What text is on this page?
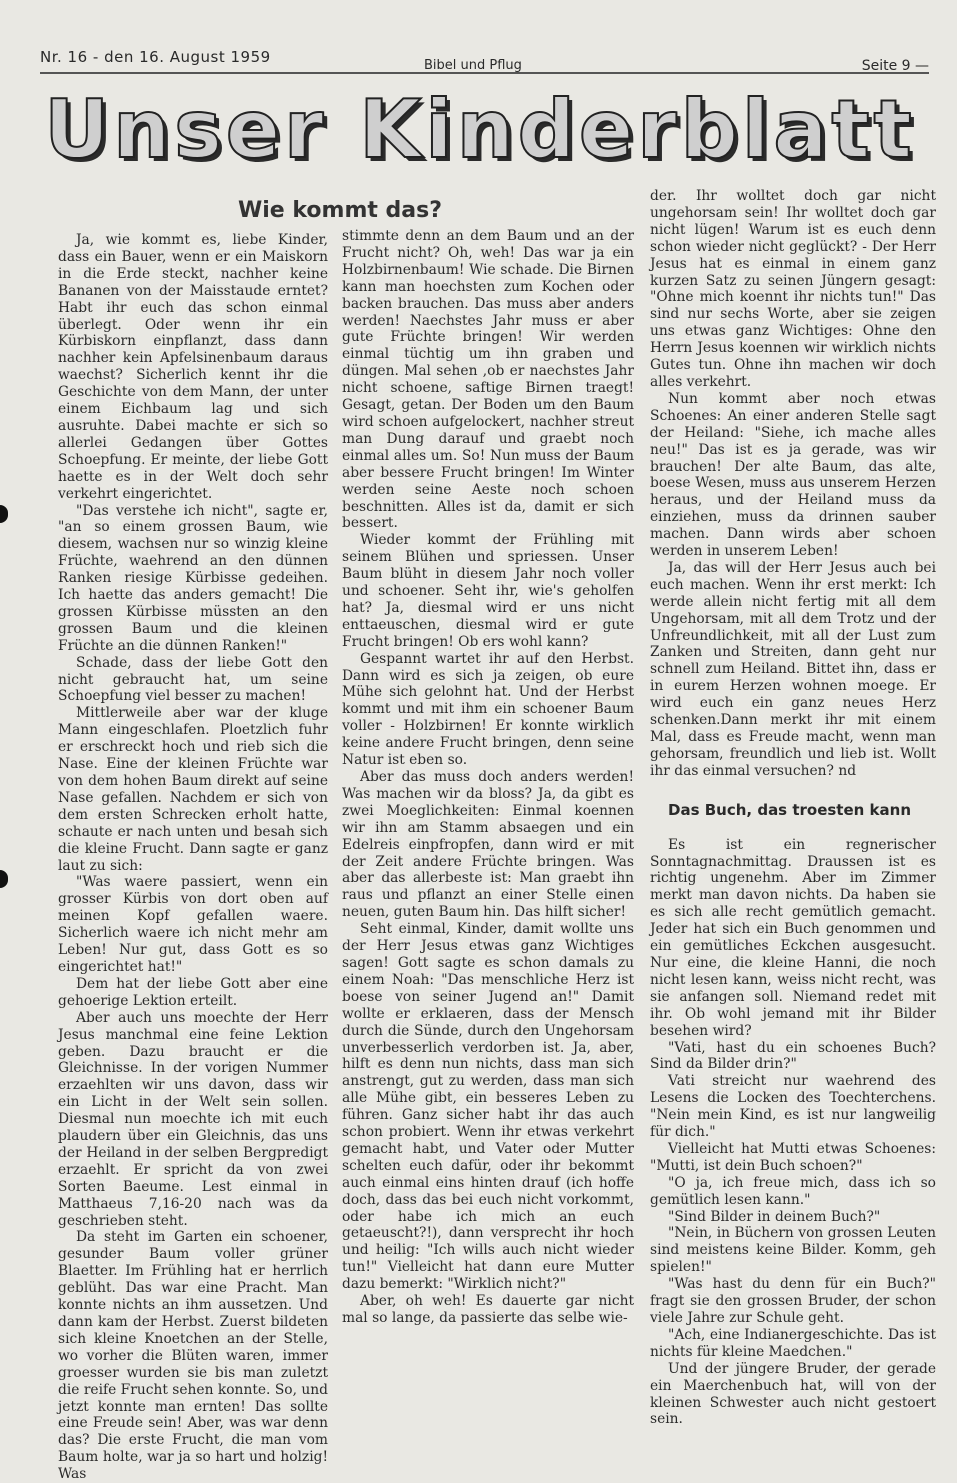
Nr. 16 - den 16. August 1959	Bibel und Pflug	Seite 9 —
Unser Kinderblatt
Wie kommt das?

Ja, wie kommt es, liebe Kinder, dass ein Bauer, wenn er ein Maiskorn in die Erde steckt, nachher keine Bananen von der Maisstaude erntet? Habt ihr euch das schon einmal überlegt. Oder wenn ihr ein Kürbiskorn einpflanzt, dass dann nachher kein Apfelsinenbaum daraus waechst? Sicherlich kennt ihr die Geschichte von dem Mann, der unter einem Eichbaum lag und sich ausruhte. Dabei machte er sich so allerlei Gedangen über Gottes Schoepfung. Er meinte, der liebe Gott haette es in der Welt doch sehr verkehrt eingerichtet.

"Das verstehe ich nicht", sagte er, "an so einem grossen Baum, wie diesem, wachsen nur so winzig kleine Früchte, waehrend an den dünnen Ranken riesige Kürbisse gedeihen. Ich haette das anders gemacht! Die grossen Kürbisse müssten an den grossen Baum und die kleinen Früchte an die dünnen Ranken!"

Schade, dass der liebe Gott den nicht gebraucht hat, um seine Schoepfung viel besser zu machen!

Mittlerweile aber war der kluge Mann eingeschlafen. Ploetzlich fuhr er erschreckt hoch und rieb sich die Nase. Eine der kleinen Früchte war von dem hohen Baum direkt auf seine Nase gefallen. Nachdem er sich von dem ersten Schrecken erholt hatte, schaute er nach unten und besah sich die kleine Frucht. Dann sagte er ganz laut zu sich:

"Was waere passiert, wenn ein grosser Kürbis von dort oben auf meinen Kopf gefallen waere. Sicherlich waere ich nicht mehr am Leben! Nur gut, dass Gott es so eingerichtet hat!"

Dem hat der liebe Gott aber eine gehoerige Lektion erteilt.

Aber auch uns moechte der Herr Jesus manchmal eine feine Lektion geben. Dazu braucht er die Gleichnisse. In der vorigen Nummer erzaehlten wir uns davon, dass wir ein Licht in der Welt sein sollen. Diesmal nun moechte ich mit euch plaudern über ein Gleichnis, das uns der Heiland in der selben Bergpredigt erzaehlt. Er spricht da von zwei Sorten Baeume. Lest einmal in Matthaeus 7,16-20 nach was da geschrieben steht.

Da steht im Garten ein schoener, gesunder Baum voller grüner Blaetter. Im Frühling hat er herrlich geblüht. Das war eine Pracht. Man konnte nichts an ihm aussetzen. Und dann kam der Herbst. Zuerst bildeten sich kleine Knoetchen an der Stelle, wo vorher die Blüten waren, immer groesser wurden sie bis man zuletzt die reife Frucht sehen konnte. So, und jetzt konnte man ernten! Das sollte eine Freude sein! Aber, was war denn das? Die erste Frucht, die man vom Baum holte, war ja so hart und holzig! Was

stimmte denn an dem Baum und an der Frucht nicht? Oh, weh! Das war ja ein Holzbirnenbaum! Wie schade. Die Birnen kann man hoechsten zum Kochen oder backen brauchen. Das muss aber anders werden! Naechstes Jahr muss er aber gute Früchte bringen! Wir werden einmal tüchtig um ihn graben und düngen. Mal sehen ,ob er naechstes Jahr nicht schoene, saftige Birnen traegt! Gesagt, getan. Der Boden um den Baum wird schoen aufgelockert, nachher streut man Dung darauf und graebt noch einmal alles um. So! Nun muss der Baum aber bessere Frucht bringen! Im Winter werden seine Aeste noch schoen beschnitten. Alles ist da, damit er sich bessert.

Wieder kommt der Frühling mit seinem Blühen und spriessen. Unser Baum blüht in diesem Jahr noch voller und schoener. Seht ihr, wie's geholfen hat? Ja, diesmal wird er uns nicht enttaeuschen, diesmal wird er gute Frucht bringen! Ob ers wohl kann?

Gespannt wartet ihr auf den Herbst. Dann wird es sich ja zeigen, ob eure Mühe sich gelohnt hat. Und der Herbst kommt und mit ihm ein schoener Baum voller - Holzbirnen! Er konnte wirklich keine andere Frucht bringen, denn seine Natur ist eben so.

Aber das muss doch anders werden! Was machen wir da bloss? Ja, da gibt es zwei Moeglichkeiten: Einmal koennen wir ihn am Stamm absaegen und ein Edelreis einpfropfen, dann wird er mit der Zeit andere Früchte bringen. Was aber das allerbeste ist: Man graebt ihn raus und pflanzt an einer Stelle einen neuen, guten Baum hin. Das hilft sicher!

Seht einmal, Kinder, damit wollte uns der Herr Jesus etwas ganz Wichtiges sagen! Gott sagte es schon damals zu einem Noah: "Das menschliche Herz ist boese von seiner Jugend an!" Damit wollte er erklaeren, dass der Mensch durch die Sünde, durch den Ungehorsam unverbesserlich verdorben ist. Ja, aber, hilft es denn nun nichts, dass man sich anstrengt, gut zu werden, dass man sich alle Mühe gibt, ein besseres Leben zu führen. Ganz sicher habt ihr das auch schon probiert. Wenn ihr etwas verkehrt gemacht habt, und Vater oder Mutter schelten euch dafür, oder ihr bekommt auch einmal eins hinten drauf (ich hoffe doch, dass das bei euch nicht vorkommt, oder habe ich mich an euch getaeuscht?!), dann versprecht ihr hoch und heilig: "Ich wills auch nicht wieder tun!" Vielleicht hat dann eure Mutter dazu bemerkt: "Wirklich nicht?"

Aber, oh weh! Es dauerte gar nicht mal so lange, da passierte das selbe wie-

der. Ihr wolltet doch gar nicht ungehorsam sein! Ihr wolltet doch gar nicht lügen! Warum ist es euch denn schon wieder nicht geglückt? - Der Herr Jesus hat es einmal in einem ganz kurzen Satz zu seinen Jüngern gesagt: "Ohne mich koennt ihr nichts tun!" Das sind nur sechs Worte, aber sie zeigen uns etwas ganz Wichtiges: Ohne den Herrn Jesus koennen wir wirklich nichts Gutes tun. Ohne ihn machen wir doch alles verkehrt.

Nun kommt aber noch etwas Schoenes: An einer anderen Stelle sagt der Heiland: "Siehe, ich mache alles neu!" Das ist es ja gerade, was wir brauchen! Der alte Baum, das alte, boese Wesen, muss aus unserem Herzen heraus, und der Heiland muss da einziehen, muss da drinnen sauber machen. Dann wirds aber schoen werden in unserem Leben!

Ja, das will der Herr Jesus auch bei euch machen. Wenn ihr erst merkt: Ich werde allein nicht fertig mit all dem Ungehorsam, mit all dem Trotz und der Unfreundlichkeit, mit all der Lust zum Zanken und Streiten, dann geht nur schnell zum Heiland. Bittet ihn, dass er in eurem Herzen wohnen moege. Er wird euch ein ganz neues Herz schenken.Dann merkt ihr mit einem Mal, dass es Freude macht, wenn man gehorsam, freundlich und lieb ist. Wollt ihr das einmal versuchen? nd

Das Buch, das troesten kann

Es ist ein regnerischer Sonntagnachmittag. Draussen ist es richtig ungenehm. Aber im Zimmer merkt man davon nichts. Da haben sie es sich alle recht gemütlich gemacht. Jeder hat sich ein Buch genommen und ein gemütliches Eckchen ausgesucht. Nur eine, die kleine Hanni, die noch nicht lesen kann, weiss nicht recht, was sie anfangen soll. Niemand redet mit ihr. Ob wohl jemand mit ihr Bilder besehen wird?

"Vati, hast du ein schoenes Buch? Sind da Bilder drin?"

Vati streicht nur waehrend des Lesens die Locken des Toechterchens. "Nein mein Kind, es ist nur langweilig für dich."

Vielleicht hat Mutti etwas Schoenes: "Mutti, ist dein Buch schoen?"

"O ja, ich freue mich, dass ich so gemütlich lesen kann."

"Sind Bilder in deinem Buch?"

"Nein, in Büchern von grossen Leuten sind meistens keine Bilder. Komm, geh spielen!"

"Was hast du denn für ein Buch?" fragt sie den grossen Bruder, der schon viele Jahre zur Schule geht.

"Ach, eine Indianergeschichte. Das ist nichts für kleine Maedchen."

Und der jüngere Bruder, der gerade ein Maerchenbuch hat, will von der kleinen Schwester auch nicht gestoert sein.
